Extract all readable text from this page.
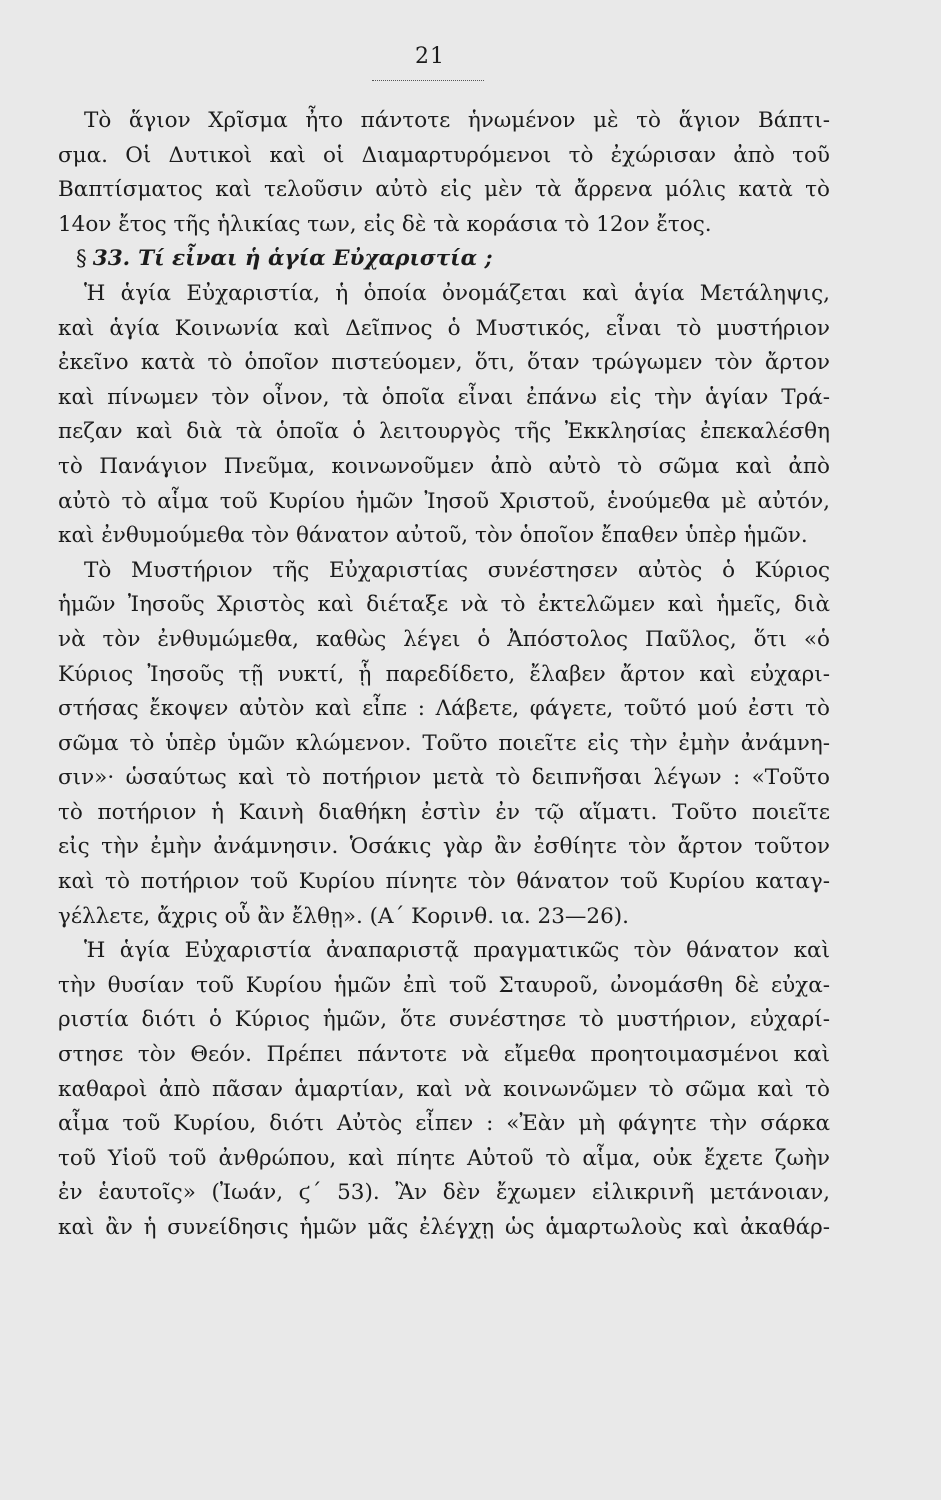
21
Τὸ ἅγιον Χρῖσμα ἦτο πάντοτε ἡνωμένον μὲ τὸ ἅγιον Βάπτι-
σμα. Οἱ Δυτικοὶ καὶ οἱ Διαμαρτυρόμενοι τὸ ἐχώρισαν ἀπὸ τοῦ
Βαπτίσματος καὶ τελοῦσιν αὐτὸ εἰς μὲν τὰ ἄρρενα μόλις κατὰ τὸ
14ον ἔτος τῆς ἡλικίας των, εἰς δὲ τὰ κοράσια τὸ 12ον ἔτος.
§ 33. Τί εἶναι ἡ ἁγία Εὐχαριστία ;
Ἡ ἁγία Εὐχαριστία, ἡ ὁποία ὀνομάζεται καὶ ἁγία Μετάληψις,
καὶ ἁγία Κοινωνία καὶ Δεῖπνος ὁ Μυστικός, εἶναι τὸ μυστήριον
ἐκεῖνο κατὰ τὸ ὁποῖον πιστεύομεν, ὅτι, ὅταν τρώγωμεν τὸν ἄρτον
καὶ πίνωμεν τὸν οἶνον, τὰ ὁποῖα εἶναι ἐπάνω εἰς τὴν ἁγίαν Τρά-
πεζαν καὶ διὰ τὰ ὁποῖα ὁ λειτουργὸς τῆς Ἐκκλησίας ἐπεκαλέσθη
τὸ Πανάγιον Πνεῦμα, κοινωνοῦμεν ἀπὸ αὐτὸ τὸ σῶμα καὶ ἀπὸ
αὐτὸ τὸ αἷμα τοῦ Κυρίου ἡμῶν Ἰησοῦ Χριστοῦ, ἑνούμεθα μὲ αὐτόν,
καὶ ἐνθυμούμεθα τὸν θάνατον αὐτοῦ, τὸν ὁποῖον ἔπαθεν ὑπὲρ ἡμῶν.
Τὸ Μυστήριον τῆς Εὐχαριστίας συνέστησεν αὐτὸς ὁ Κύριος
ἡμῶν Ἰησοῦς Χριστὸς καὶ διέταξε νὰ τὸ ἐκτελῶμεν καὶ ἡμεῖς, διὰ
νὰ τὸν ἐνθυμώμεθα, καθὼς λέγει ὁ Ἀπόστολος Παῦλος, ὅτι «ὁ
Κύριος Ἰησοῦς τῇ νυκτί, ᾗ παρεδίδετο, ἔλαβεν ἄρτον καὶ εὐχαρι-
στήσας ἔκοψεν αὐτὸν καὶ εἶπε : Λάβετε, φάγετε, τοῦτό μού ἐστι τὸ
σῶμα τὸ ὑπὲρ ὑμῶν κλώμενον. Τοῦτο ποιεῖτε εἰς τὴν ἐμὴν ἀνάμνη-
σιν»· ὡσαύτως καὶ τὸ ποτήριον μετὰ τὸ δειπνῆσαι λέγων : «Τοῦτο
τὸ ποτήριον ἡ Καινὴ διαθήκη ἐστὶν ἐν τῷ αἵματι. Τοῦτο ποιεῖτε
εἰς τὴν ἐμὴν ἀνάμνησιν. Ὁσάκις γὰρ ἂν ἐσθίητε τὸν ἄρτον τοῦτον
καὶ τὸ ποτήριον τοῦ Κυρίου πίνητε τὸν θάνατον τοῦ Κυρίου καταγ-
γέλλετε, ἄχρις οὗ ἂν ἔλθῃ». (Α΄ Κορινθ. ια. 23—26).
Ἡ ἁγία Εὐχαριστία ἀναπαριστᾷ πραγματικῶς τὸν θάνατον καὶ
τὴν θυσίαν τοῦ Κυρίου ἡμῶν ἐπὶ τοῦ Σταυροῦ, ὠνομάσθη δὲ εὐχα-
ριστία διότι ὁ Κύριος ἡμῶν, ὅτε συνέστησε τὸ μυστήριον, εὐχαρί-
στησε τὸν Θεόν. Πρέπει πάντοτε νὰ εἴμεθα προητοιμασμένοι καὶ
καθαροὶ ἀπὸ πᾶσαν ἁμαρτίαν, καὶ νὰ κοινωνῶμεν τὸ σῶμα καὶ τὸ
αἷμα τοῦ Κυρίου, διότι Αὐτὸς εἶπεν : «Ἐὰν μὴ φάγητε τὴν σάρκα
τοῦ Υἱοῦ τοῦ ἀνθρώπου, καὶ πίητε Αὐτοῦ τὸ αἷμα, οὐκ ἔχετε ζωὴν
ἐν ἑαυτοῖς» (Ἰωάν, ϛ΄ 53). Ἂν δὲν ἔχωμεν εἰλικρινῆ μετάνοιαν,
καὶ ἂν ἡ συνείδησις ἡμῶν μᾶς ἐλέγχῃ ὡς ἁμαρτωλοὺς καὶ ἀκαθάρ-
